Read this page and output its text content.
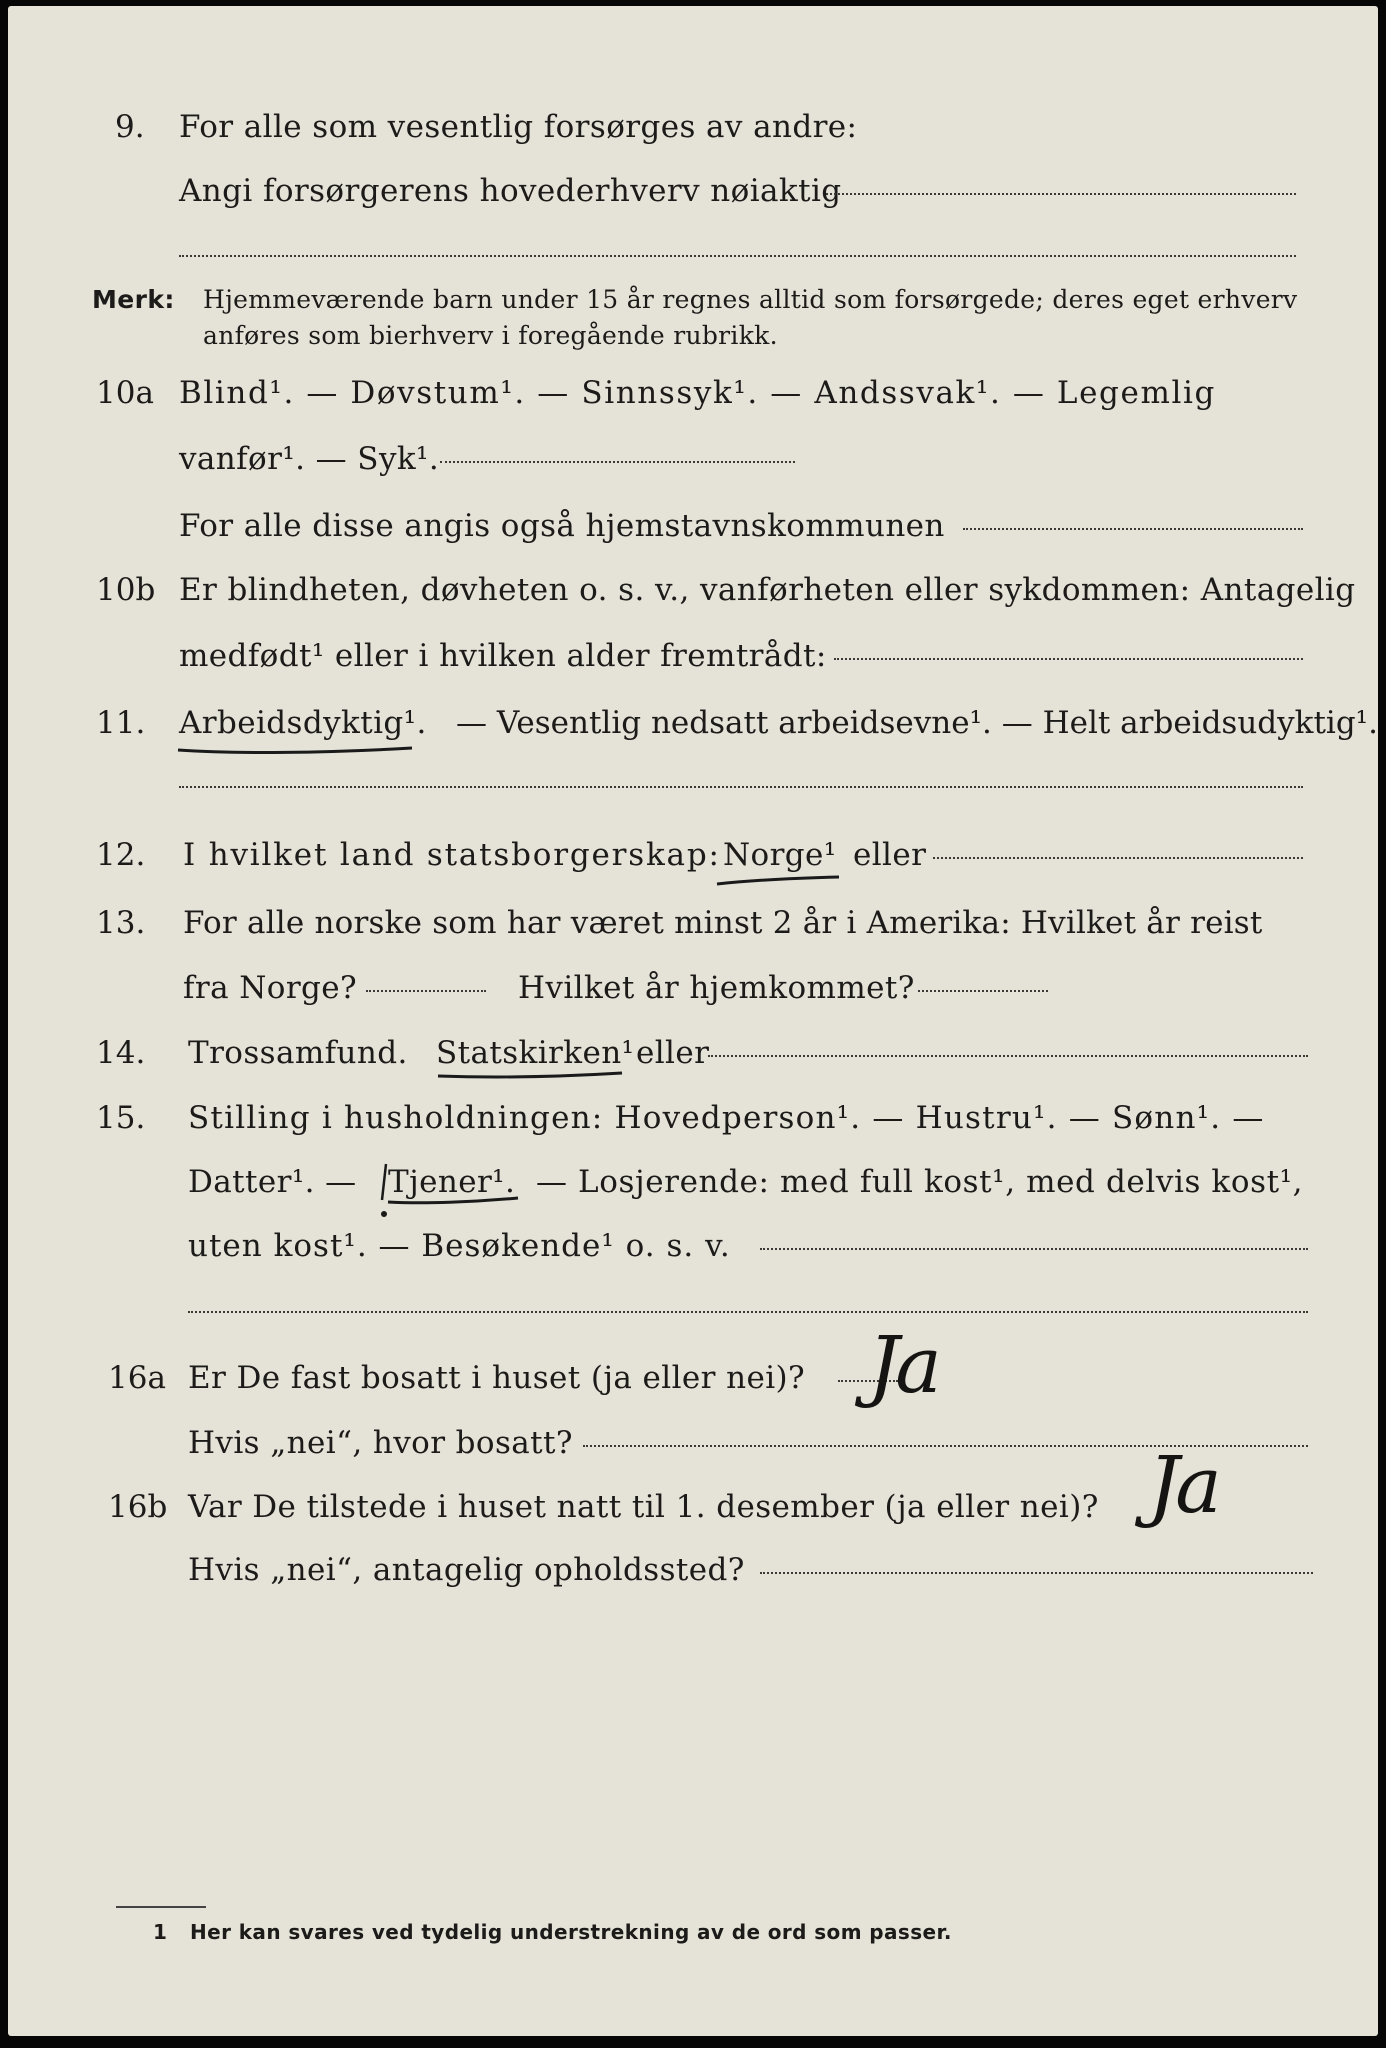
9. For alle som vesentlig forsørges av andre:
Angi forsørgerens hovederhverv nøiaktig
Merk: Hjemmeværende barn under 15 år regnes alltid som forsørgede; deres eget erhverv
anføres som bierhverv i foregående rubrikk.
10a Blind¹. — Døvstum¹. — Sinnssyk¹. — Andssvak¹. — Legemlig
vanfør¹. — Syk¹.
For alle disse angis også hjemstavnskommunen
10b Er blindheten, døvheten o. s. v., vanførheten eller sykdommen: Antagelig
medfødt¹ eller i hvilken alder fremtrådt:
11. Arbeidsdyktig¹. — Vesentlig nedsatt arbeidsevne¹. — Helt arbeidsudyktig¹.
12. I hvilket land statsborgerskap: Norge¹ eller
13. For alle norske som har været minst 2 år i Amerika: Hvilket år reist
fra Norge?	Hvilket år hjemkommet?
14. Trossamfund. Statskirken¹ eller
15. Stilling i husholdningen: Hovedperson¹. — Hustru¹. — Sønn¹. —
Datter¹. — Tjener¹. — Losjerende: med full kost¹, med delvis kost¹,
uten kost¹. — Besøkende¹ o. s. v.
16a Er De fast bosatt i huset (ja eller nei)? Ja
Hvis „nei“, hvor bosatt?
16b Var De tilstede i huset natt til 1. desember (ja eller nei)? Ja
Hvis „nei“, antagelig opholdssted?
1 Her kan svares ved tydelig understrekning av de ord som passer.
